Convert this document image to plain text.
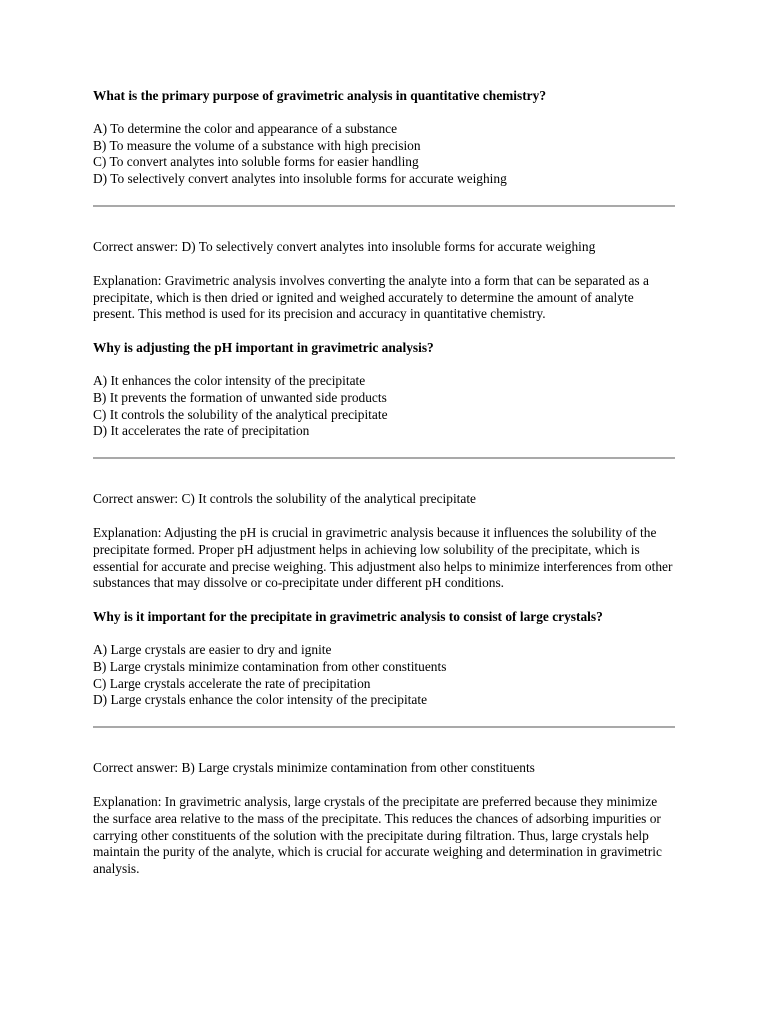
What is the primary purpose of gravimetric analysis in quantitative chemistry?

A) To determine the color and appearance of a substance
B) To measure the volume of a substance with high precision
C) To convert analytes into soluble forms for easier handling
D) To selectively convert analytes into insoluble forms for accurate weighing

Correct answer: D) To selectively convert analytes into insoluble forms for accurate weighing

Explanation: Gravimetric analysis involves converting the analyte into a form that can be separated as a precipitate, which is then dried or ignited and weighed accurately to determine the amount of analyte present. This method is used for its precision and accuracy in quantitative chemistry.

Why is adjusting the pH important in gravimetric analysis?

A) It enhances the color intensity of the precipitate
B) It prevents the formation of unwanted side products
C) It controls the solubility of the analytical precipitate
D) It accelerates the rate of precipitation

Correct answer: C) It controls the solubility of the analytical precipitate

Explanation: Adjusting the pH is crucial in gravimetric analysis because it influences the solubility of the precipitate formed. Proper pH adjustment helps in achieving low solubility of the precipitate, which is essential for accurate and precise weighing. This adjustment also helps to minimize interferences from other substances that may dissolve or co-precipitate under different pH conditions.

Why is it important for the precipitate in gravimetric analysis to consist of large crystals?

A) Large crystals are easier to dry and ignite
B) Large crystals minimize contamination from other constituents
C) Large crystals accelerate the rate of precipitation
D) Large crystals enhance the color intensity of the precipitate

Correct answer: B) Large crystals minimize contamination from other constituents

Explanation: In gravimetric analysis, large crystals of the precipitate are preferred because they minimize the surface area relative to the mass of the precipitate. This reduces the chances of adsorbing impurities or carrying other constituents of the solution with the precipitate during filtration. Thus, large crystals help maintain the purity of the analyte, which is crucial for accurate weighing and determination in gravimetric analysis.
